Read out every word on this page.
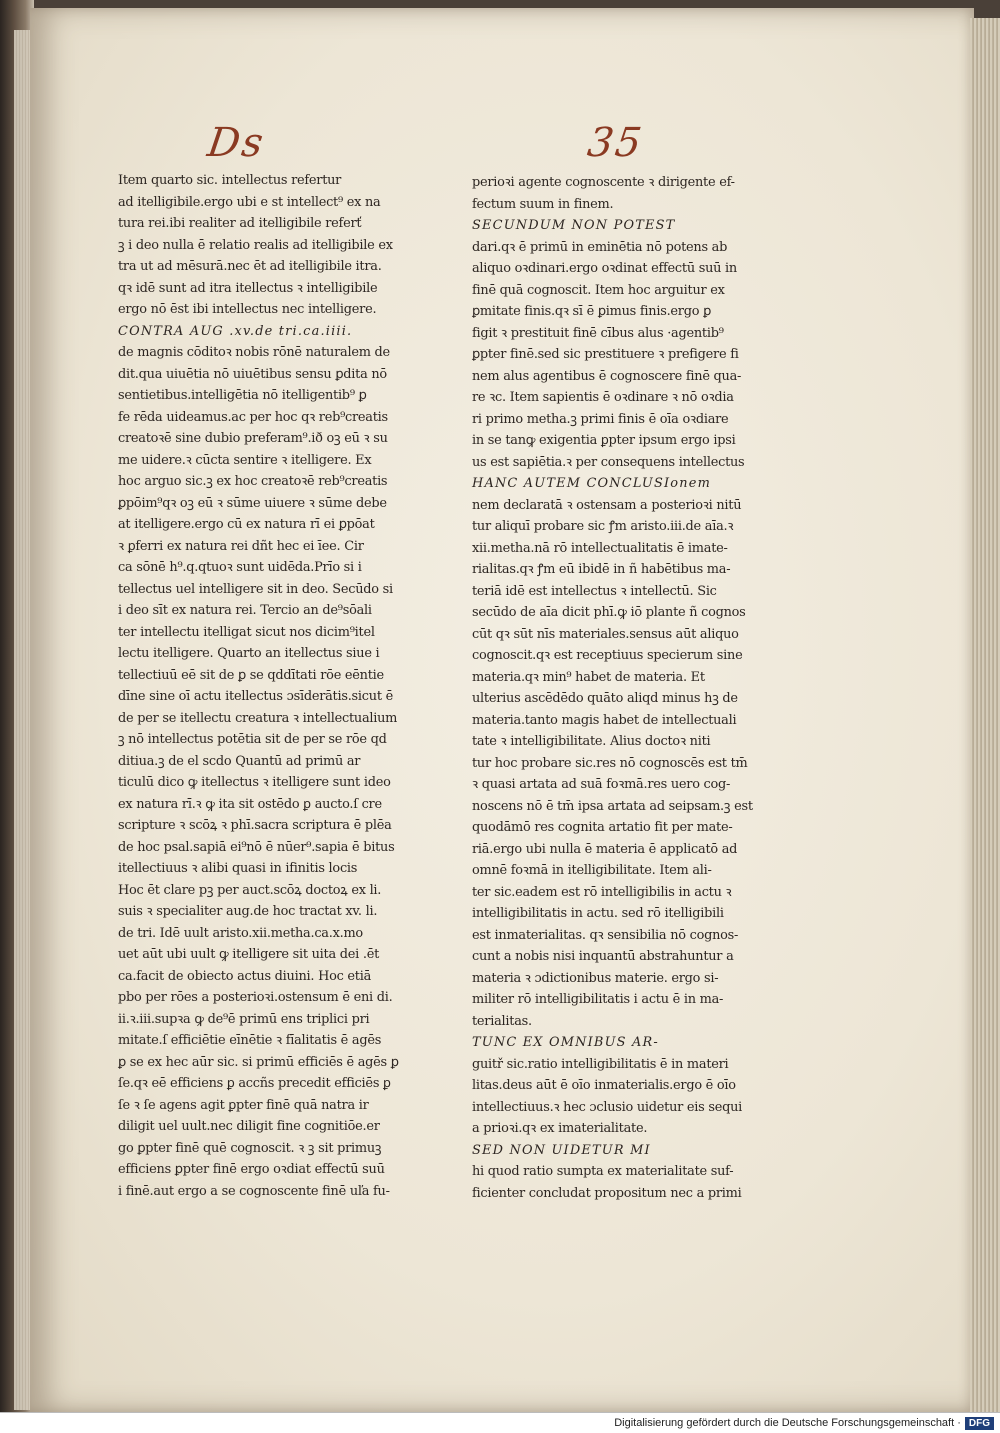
Ds	35
Item quarto sic. intellectus refertur
ad itelligibile.ergo ubi e st intellect⁹ ex na
tura rei.ibi realiter ad itelligibile referť
ꝫ i deo nulla ē relatio realis ad itelligibile ex
tra ut ad mēsurā.nec ēt ad itelligibile itra.
qꝛ idē sunt ad itra itellectus ꝛ intelligibile
ergo nō ēst ibi intellectus nec intelligere.
CONTRA AUG .xv.de tri.ca.iiii.
de magnis cōditoꝛ nobis rōnē naturalem de
dit.qua uiuētia nō uiuētibus sensu ꝑdita nō
sentietibus.intelligētia nō itelligentib⁹ ꝑ
fe rēda uideamus.ac per hoc qꝛ reb⁹creatis
creatoꝛē sine dubio preferam⁹.ið oꝫ eū ꝛ su
me uidere.ꝛ cūcta sentire ꝛ itelligere. Ex
hoc arguo sic.ꝫ ex hoc creatoꝛē reb⁹creatis
ꝑpōim⁹qꝛ oꝫ eū ꝛ sūme uiuere ꝛ sūme debe
at itelligere.ergo cū ex natura rī ei ꝑpōat
ꝛ ꝑferri ex natura rei dñt hec ei īee. Cir
ca sōnē h⁹.q.qtuoꝛ sunt uidēda.Prīo si i
tellectus uel intelligere sit in deo. Secūdo si
i deo sīt ex natura rei. Tercio an de⁹sōali
ter intellectu itelligat sicut nos dicim⁹itel
lectu itelligere. Quarto an itellectus siue i
tellectiuū eē sit de ꝑ se qddītati rōe eēntie
dīne sine oī actu itellectus ɔsīderātis.sicut ē
de per se itellectu creatura ꝛ intellectualium
ꝫ nō intellectus potētia sit de per se rōe qd
ditiua.ꝫ de el scdo Quantū ad primū ar
ticulū dico ꝙ itellectus ꝛ itelligere sunt ideo
ex natura rī.ꝛ ꝙ ita sit ostēdo ꝑ aucto.ſ cre
scripture ꝛ scōꝝ ꝛ phī.sacra scriptura ē plēa
de hoc psal.sapiā ei⁹nō ē nūer⁹.sapia ē bitus
itellectiuus ꝛ alibi quasi in ifinitis locis
Hoc ēt clare pꝫ per auct.scōꝝ doctoꝝ ex li.
suis ꝛ specialiter aug.de hoc tractat xv. li.
de tri. Idē uult aristo.xii.metha.ca.x.mo
uet aūt ubi uult ꝙ itelligere sit uita dei .ēt
ca.facit de obiecto actus diuini. Hoc etiā
pbo per rōes a posterioꝛi.ostensum ē eni di.
ii.ꝛ.iii.supꝛa ꝙ de⁹ē primū ens triplici pri
mitate.ſ efficiētie eīnētie ꝛ fīalitatis ē agēs
ꝑ se ex hec aūr sic. si primū efficiēs ē agēs ꝑ
ſe.qꝛ eē efficiens ꝑ accñs precedit efficiēs ꝑ
ſe ꝛ ſe agens agit ꝑpter finē quā natra ir
diligit uel uult.nec diligit fine cognitiōe.er
go ꝑpter finē quē cognoscit. ꝛ ꝫ sit primuꝫ
efficiens ꝑpter finē ergo oꝛdiat effectū suū
i finē.aut ergo a se cognoscente finē uľa fu-
perioꝛi agente cognoscente ꝛ dirigente ef-
fectum suum in finem.
SECUNDUM NON POTEST
dari.qꝛ ē primū in eminētia nō potens ab
aliquo oꝛdinari.ergo oꝛdinat effectū suū in
finē quā cognoscit. Item hoc arguitur ex
ꝑmitate finis.qꝛ sī ē ꝑimus finis.ergo ꝑ
figit ꝛ prestituit finē cībus alus ·agentib⁹
ꝑpter finē.sed sic prestituere ꝛ prefigere fi
nem alus agentibus ē cognoscere finē qua-
re ꝛc. Item sapientis ē oꝛdinare ꝛ nō oꝛdia
ri primo metha.ꝫ primi finis ē oīa oꝛdiare
in se tanꝙ exigentia ꝑpter ipsum ergo ipsi
us est sapiētia.ꝛ per consequens intellectus
HANC AUTEM CONCLUSIonem
nem declaratā ꝛ ostensam a posterioꝛi nitū
tur aliquī probare sic ꝭm aristo.iii.de aīa.ꝛ
xii.metha.nā rō intellectualitatis ē imate-
rialitas.qꝛ ꝭm eū ibidē in ñ habētibus ma-
teriā idē est intellectus ꝛ intellectū. Sic
secūdo de aīa dicit phī.ꝙ iō plante ñ cognos
cūt qꝛ sūt nīs materiales.sensus aūt aliquo
cognoscit.qꝛ est receptiuus specierum sine
materia.qꝛ min⁹ habet de materia. Et
ulterius ascēdēdo quāto aliqd minus hꝫ de
materia.tanto magis habet de intellectuali
tate ꝛ intelligibilitate. Alius doctoꝛ niti
tur hoc probare sic.res nō cognoscēs est tm̄
ꝛ quasi artata ad suā foꝛmā.res uero cog-
noscens nō ē tm̄ ipsa artata ad seipsam.ꝫ est
quodāmō res cognita artatio fit per mate-
riā.ergo ubi nulla ē materia ē applicatō ad
omnē foꝛmā in itelligibilitate. Item ali-
ter sic.eadem est rō intelligibilis in actu ꝛ
intelligibilitatis in actu. sed rō itelligibili
est inmaterialitas. qꝛ sensibilia nō cognos-
cunt a nobis nisi inquantū abstrahuntur a
materia ꝛ ɔdictionibus materie. ergo si-
militer rō intelligibilitatis i actu ē in ma-
terialitas.
TUNC EX OMNIBUS AR-
guitř sic.ratio intelligibilitatis ē in materi
litas.deus aūt ē oīo inmaterialis.ergo ē oīo
intellectiuus.ꝛ hec ɔclusio uidetur eis sequi
a prioꝛi.qꝛ ex imaterialitate.
SED NON UIDETUR MI
hi quod ratio sumpta ex materialitate suf-
ficienter concludat propositum nec a primi
Digitalisierung gefördert durch die Deutsche Forschungsgemeinschaft · DFG
